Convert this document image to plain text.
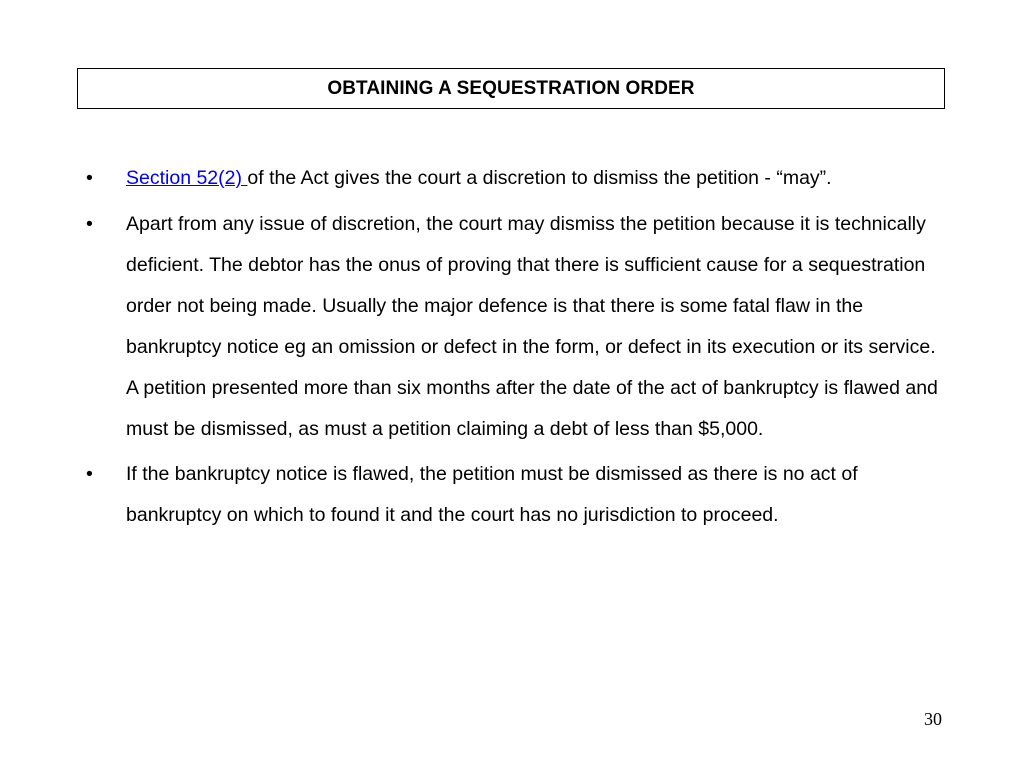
OBTAINING A SEQUESTRATION ORDER
• Section 52(2) of the Act gives the court a discretion to dismiss the petition - “may”.
• Apart from any issue of discretion, the court may dismiss the petition because it is technically deficient. The debtor has the onus of proving that there is sufficient cause for a sequestration order not being made. Usually the major defence is that there is some fatal flaw in the bankruptcy notice eg an omission or defect in the form, or defect in its execution or its service. A petition presented more than six months after the date of the act of bankruptcy is flawed and must be dismissed, as must a petition claiming a debt of less than $5,000.
• If the bankruptcy notice is flawed, the petition must be dismissed as there is no act of bankruptcy on which to found it and the court has no jurisdiction to proceed.
30
